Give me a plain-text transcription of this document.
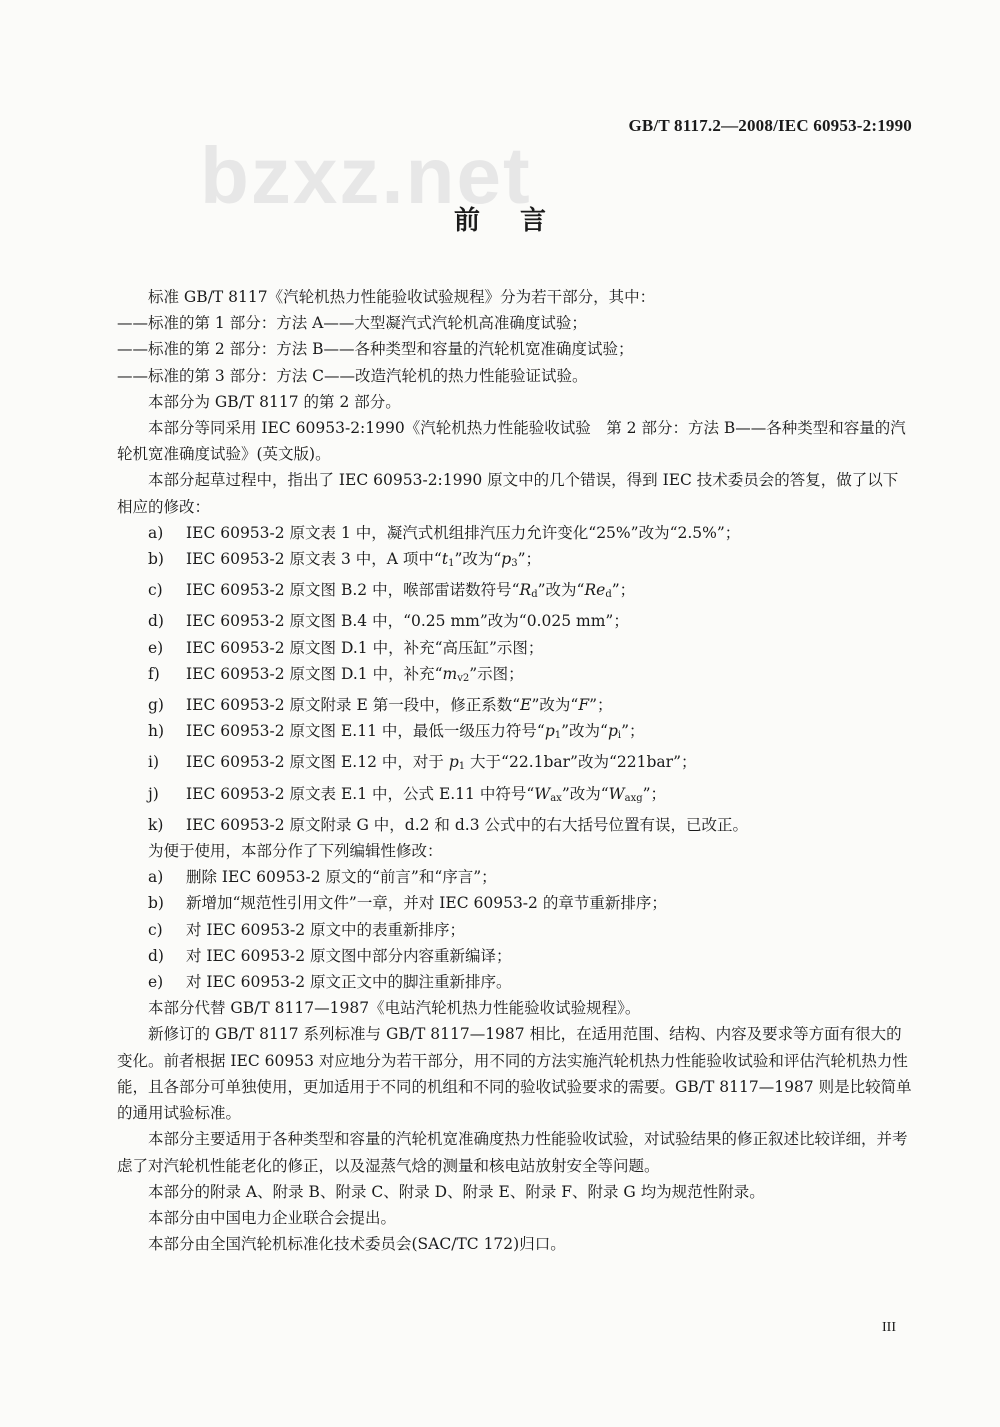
GB/T 8117.2—2008/IEC 60953-2:1990
bzxz.net
前言

标准 GB/T 8117《汽轮机热力性能验收试验规程》分为若干部分，其中：

——标准的第 1 部分：方法 A——大型凝汽式汽轮机高准确度试验；

——标准的第 2 部分：方法 B——各种类型和容量的汽轮机宽准确度试验；

——标准的第 3 部分：方法 C——改造汽轮机的热力性能验证试验。

本部分为 GB/T 8117 的第 2 部分。

本部分等同采用 IEC 60953-2:1990《汽轮机热力性能验收试验　第 2 部分：方法 B——各种类型和容量的汽轮机宽准确度试验》(英文版)。

本部分起草过程中，指出了 IEC 60953-2:1990 原文中的几个错误，得到 IEC 技术委员会的答复，做了以下相应的修改：

a) IEC 60953-2 原文表 1 中，凝汽式机组排汽压力允许变化“25%”改为“2.5%”；

b) IEC 60953-2 原文表 3 中，A 项中“$t_1$”改为“$p_3$”；

c) IEC 60953-2 原文图 B.2 中，喉部雷诺数符号“$R_d$”改为“$Re_d$”；

d) IEC 60953-2 原文图 B.4 中，“0.25 mm”改为“0.025 mm”；

e) IEC 60953-2 原文图 D.1 中，补充“高压缸”示图；

f) IEC 60953-2 原文图 D.1 中，补充“$m_{v2}$”示图；

g) IEC 60953-2 原文附录 E 第一段中，修正系数“E”改为“F”；

h) IEC 60953-2 原文图 E.11 中，最低一级压力符号“$p_1$”改为“$p_i$”；

i) IEC 60953-2 原文图 E.12 中，对于 $p_1$ 大于“22.1bar”改为“221bar”；

j) IEC 60953-2 原文表 E.1 中，公式 E.11 中符号“$W_{ax}$”改为“$W_{axg}$”；

k) IEC 60953-2 原文附录 G 中，d.2 和 d.3 公式中的右大括号位置有误，已改正。

为便于使用，本部分作了下列编辑性修改：

a) 删除 IEC 60953-2 原文的“前言”和“序言”；

b) 新增加“规范性引用文件”一章，并对 IEC 60953-2 的章节重新排序；

c) 对 IEC 60953-2 原文中的表重新排序；

d) 对 IEC 60953-2 原文图中部分内容重新编译；

e) 对 IEC 60953-2 原文正文中的脚注重新排序。

本部分代替 GB/T 8117—1987《电站汽轮机热力性能验收试验规程》。

新修订的 GB/T 8117 系列标准与 GB/T 8117—1987 相比，在适用范围、结构、内容及要求等方面有很大的变化。前者根据 IEC 60953 对应地分为若干部分，用不同的方法实施汽轮机热力性能验收试验和评估汽轮机热力性能，且各部分可单独使用，更加适用于不同的机组和不同的验收试验要求的需要。GB/T 8117—1987 则是比较简单的通用试验标准。

本部分主要适用于各种类型和容量的汽轮机宽准确度热力性能验收试验，对试验结果的修正叙述比较详细，并考虑了对汽轮机性能老化的修正，以及湿蒸气焓的测量和核电站放射安全等问题。

本部分的附录 A、附录 B、附录 C、附录 D、附录 E、附录 F、附录 G 均为规范性附录。

本部分由中国电力企业联合会提出。

本部分由全国汽轮机标准化技术委员会(SAC/TC 172)归口。

III
